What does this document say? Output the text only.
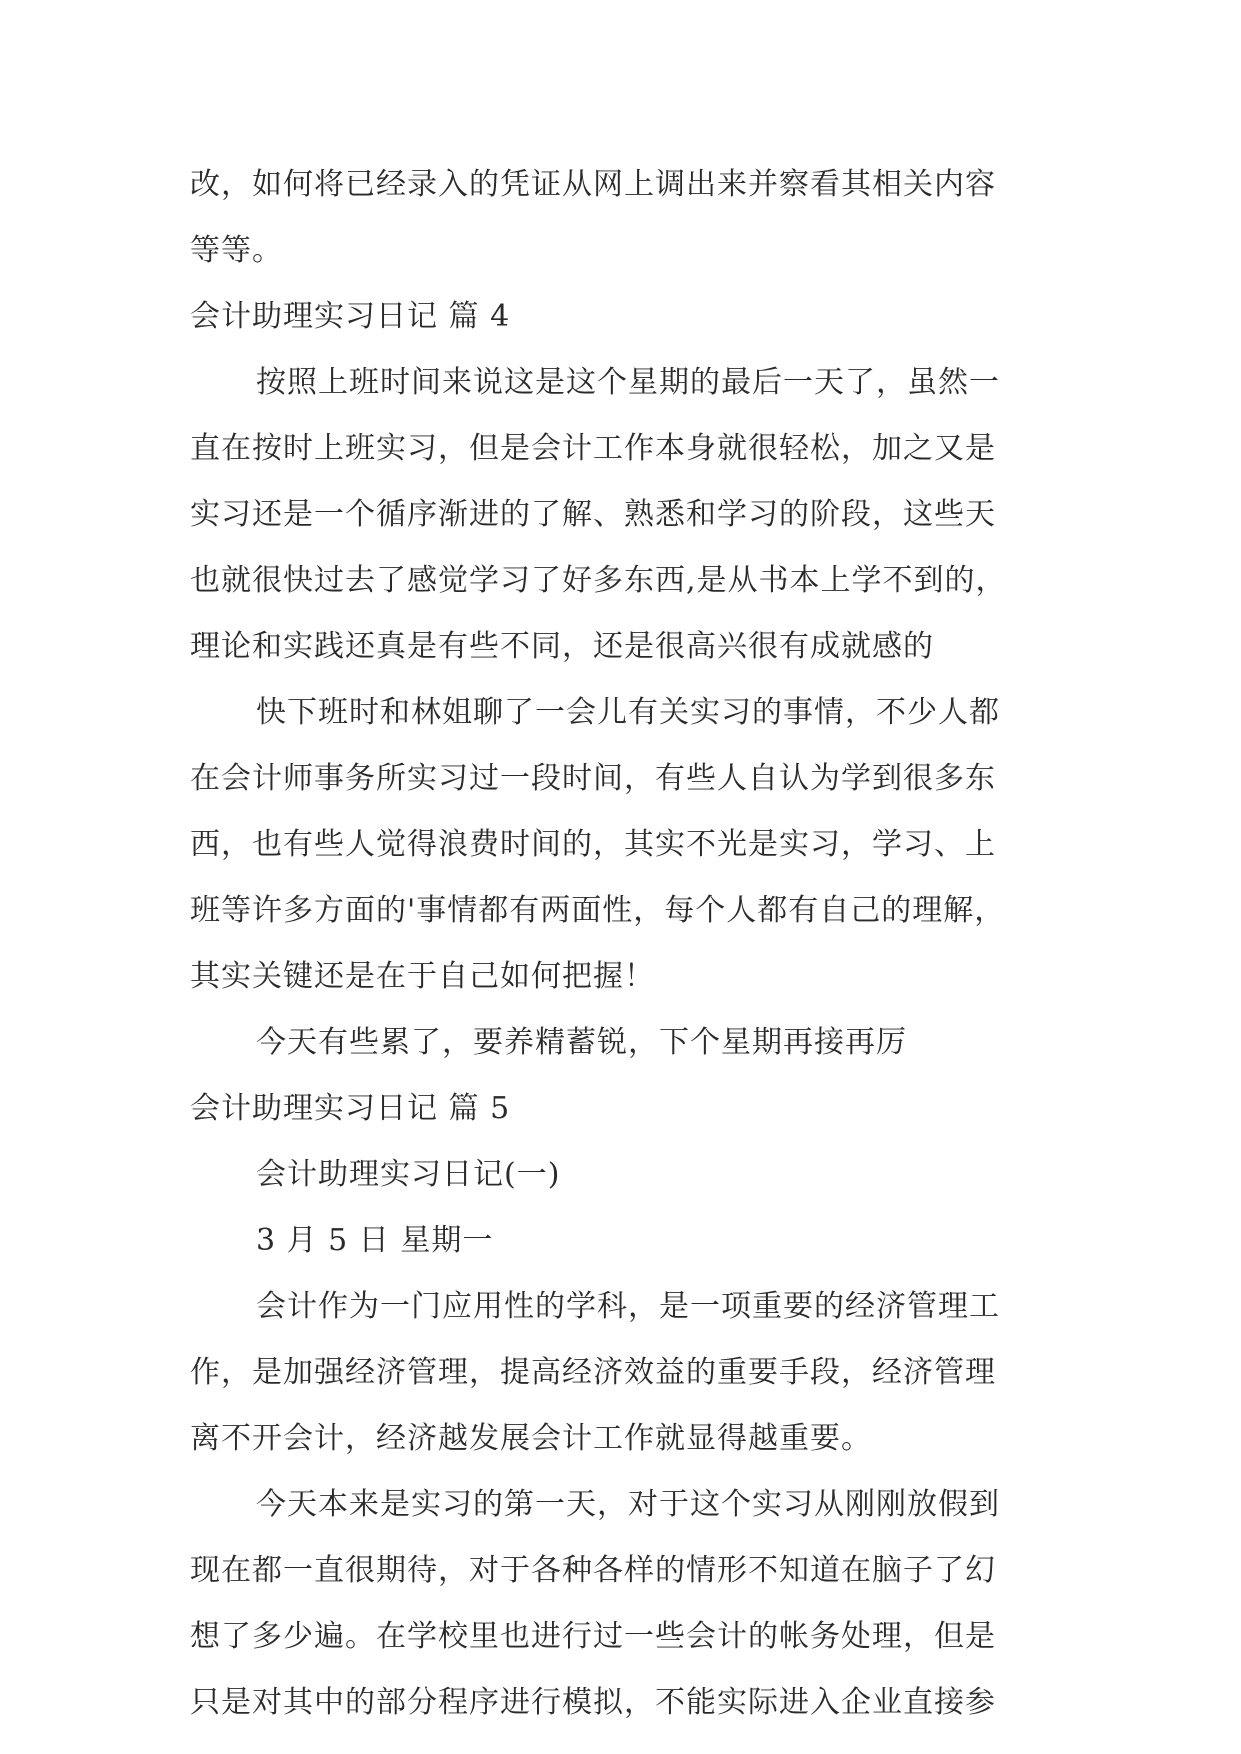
改，如何将已经录入的凭证从网上调出来并察看其相关内容
等等。
会计助理实习日记 篇 4
按照上班时间来说这是这个星期的最后一天了，虽然一
直在按时上班实习，但是会计工作本身就很轻松，加之又是
实习还是一个循序渐进的了解、熟悉和学习的阶段，这些天
也就很快过去了感觉学习了好多东西,是从书本上学不到的，
理论和实践还真是有些不同，还是很高兴很有成就感的
快下班时和林姐聊了一会儿有关实习的事情，不少人都
在会计师事务所实习过一段时间，有些人自认为学到很多东
西，也有些人觉得浪费时间的，其实不光是实习，学习、上
班等许多方面的'事情都有两面性，每个人都有自己的理解，
其实关键还是在于自己如何把握！
今天有些累了，要养精蓄锐，下个星期再接再厉
会计助理实习日记 篇 5
会计助理实习日记(一)
3 月 5 日 星期一
会计作为一门应用性的学科，是一项重要的经济管理工
作，是加强经济管理，提高经济效益的重要手段，经济管理
离不开会计，经济越发展会计工作就显得越重要。
今天本来是实习的第一天，对于这个实习从刚刚放假到
现在都一直很期待，对于各种各样的情形不知道在脑子了幻
想了多少遍。在学校里也进行过一些会计的帐务处理，但是
只是对其中的部分程序进行模拟，不能实际进入企业直接参
